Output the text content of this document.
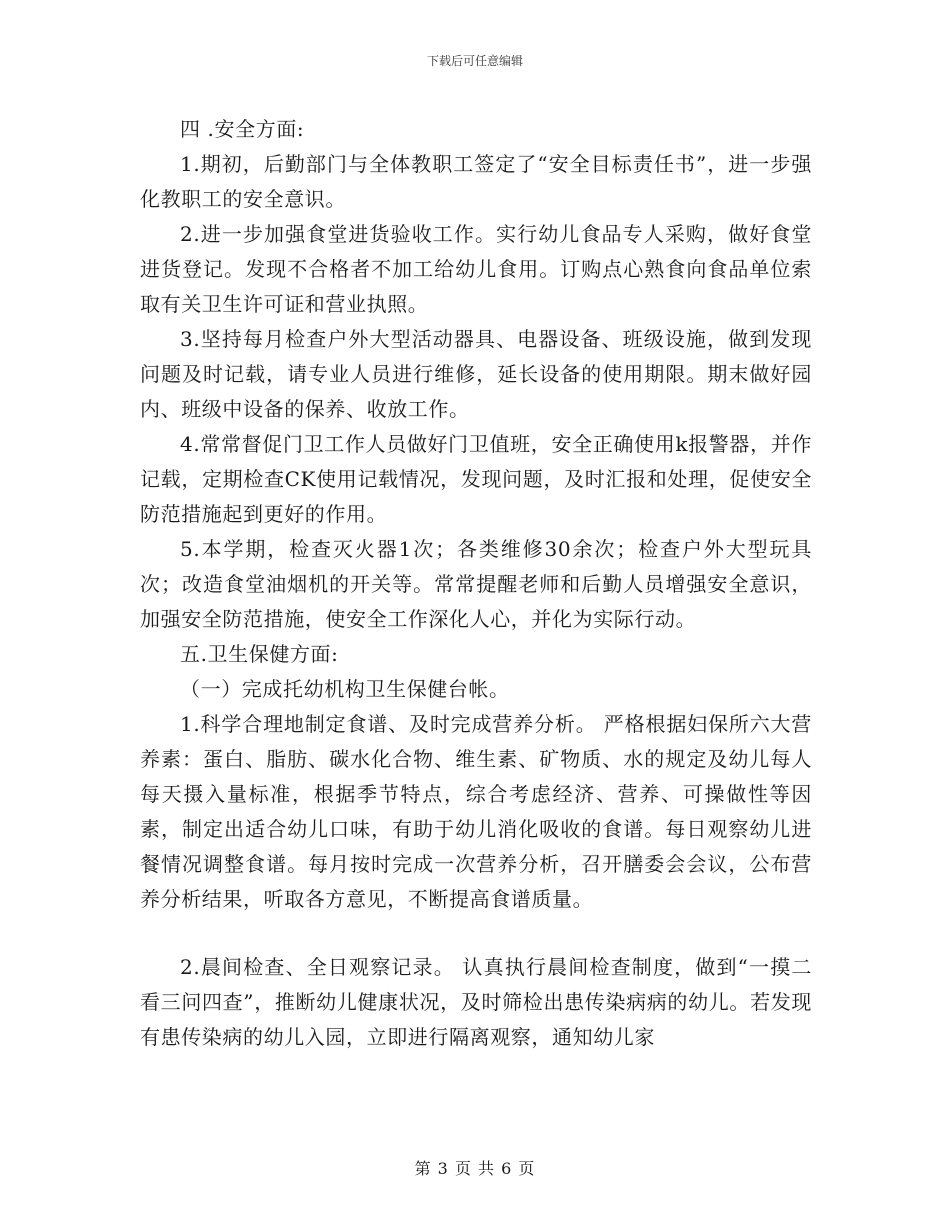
下载后可任意编辑

四 .安全方面:

1.期初，后勤部门与全体教职工签定了“安全目标责任书”，进一步强化教职工的安全意识。

2.进一步加强食堂进货验收工作。实行幼儿食品专人采购，做好食堂进货登记。发现不合格者不加工给幼儿食用。订购点心熟食向食品单位索取有关卫生许可证和营业执照。

3.坚持每月检查户外大型活动器具、电器设备、班级设施，做到发现问题及时记载，请专业人员进行维修，延长设备的使用期限。期末做好园内、班级中设备的保养、收放工作。

4.常常督促门卫工作人员做好门卫值班，安全正确使用k报警器，并作记载，定期检查CK使用记载情况，发现问题，及时汇报和处理，促使安全防范措施起到更好的作用。

5.本学期，检查灭火器1次；各类维修30余次；检查户外大型玩具次；改造食堂油烟机的开关等。常常提醒老师和后勤人员增强安全意识，加强安全防范措施，使安全工作深化人心，并化为实际行动。

五.卫生保健方面:

（一）完成托幼机构卫生保健台帐。

1.科学合理地制定食谱、及时完成营养分析。 严格根据妇保所六大营养素：蛋白、脂肪、碳水化合物、维生素、矿物质、水的规定及幼儿每人每天摄入量标准，根据季节特点，综合考虑经济、营养、可操做性等因素，制定出适合幼儿口味，有助于幼儿消化吸收的食谱。每日观察幼儿进餐情况调整食谱。每月按时完成一次营养分析，召开膳委会会议，公布营养分析结果，听取各方意见，不断提高食谱质量。

2.晨间检查、全日观察记录。 认真执行晨间检查制度，做到“一摸二看三问四查”，推断幼儿健康状况，及时筛检出患传染病病的幼儿。若发现有患传染病的幼儿入园，立即进行隔离观察，通知幼儿家

第 3 页 共 6 页
